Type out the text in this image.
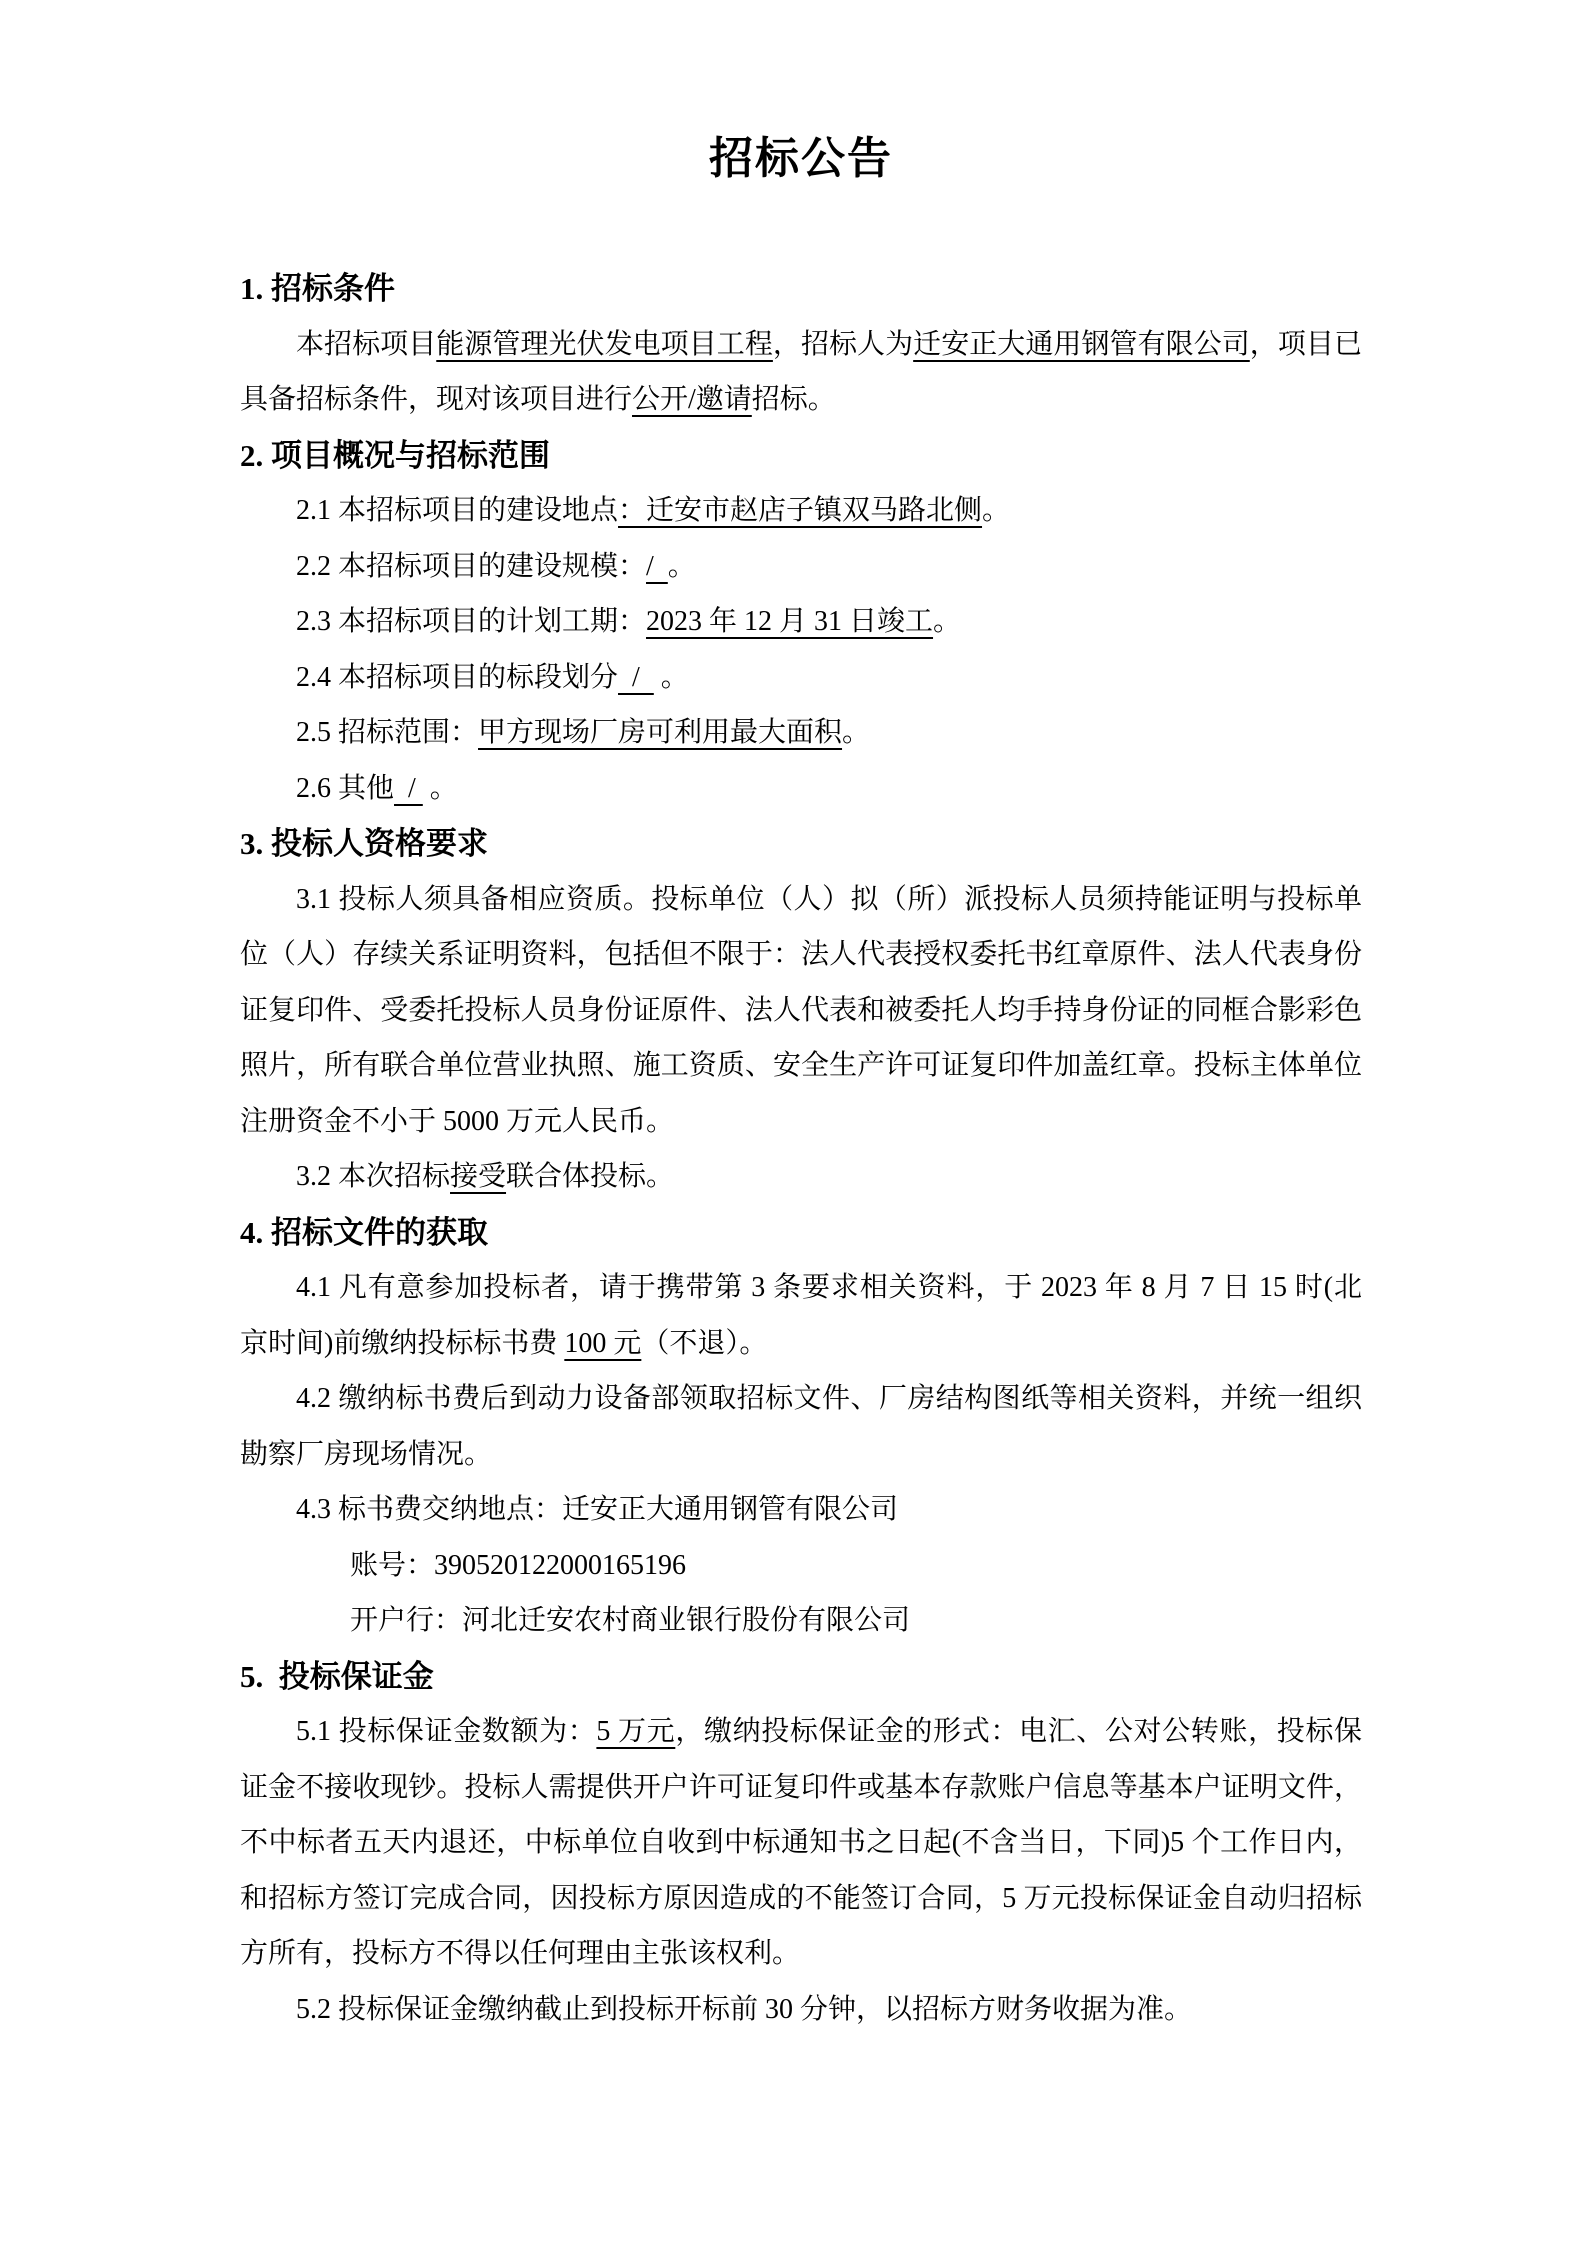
招标公告
1. 招标条件
本招标项目能源管理光伏发电项目工程，招标人为迁安正大通用钢管有限公司，项目已
具备招标条件，现对该项目进行公开/邀请招标。
2. 项目概况与招标范围
2.1 本招标项目的建设地点：迁安市赵店子镇双马路北侧。
2.2 本招标项目的建设规模：/  。
2.3 本招标项目的计划工期：2023 年 12 月 31 日竣工。
2.4 本招标项目的标段划分  /   。
2.5 招标范围：甲方现场厂房可利用最大面积。
2.6 其他  /  。
3. 投标人资格要求
3.1 投标人须具备相应资质。投标单位（人）拟（所）派投标人员须持能证明与投标单
位（人）存续关系证明资料，包括但不限于：法人代表授权委托书红章原件、法人代表身份
证复印件、受委托投标人员身份证原件、法人代表和被委托人均手持身份证的同框合影彩色
照片，所有联合单位营业执照、施工资质、安全生产许可证复印件加盖红章。投标主体单位
注册资金不小于 5000 万元人民币。
3.2 本次招标接受联合体投标。
4. 招标文件的获取
4.1 凡有意参加投标者，请于携带第 3 条要求相关资料，于 2023 年 8 月 7 日 15 时(北
京时间)前缴纳投标标书费 100 元（不退）。
4.2 缴纳标书费后到动力设备部领取招标文件、厂房结构图纸等相关资料，并统一组织
勘察厂房现场情况。
4.3 标书费交纳地点：迁安正大通用钢管有限公司
账号：390520122000165196
开户行：河北迁安农村商业银行股份有限公司
5.  投标保证金
5.1 投标保证金数额为：5 万元，缴纳投标保证金的形式：电汇、公对公转账，投标保
证金不接收现钞。投标人需提供开户许可证复印件或基本存款账户信息等基本户证明文件，
不中标者五天内退还，中标单位自收到中标通知书之日起(不含当日，下同)5 个工作日内，
和招标方签订完成合同，因投标方原因造成的不能签订合同，5 万元投标保证金自动归招标
方所有，投标方不得以任何理由主张该权利。
5.2 投标保证金缴纳截止到投标开标前 30 分钟，以招标方财务收据为准。
